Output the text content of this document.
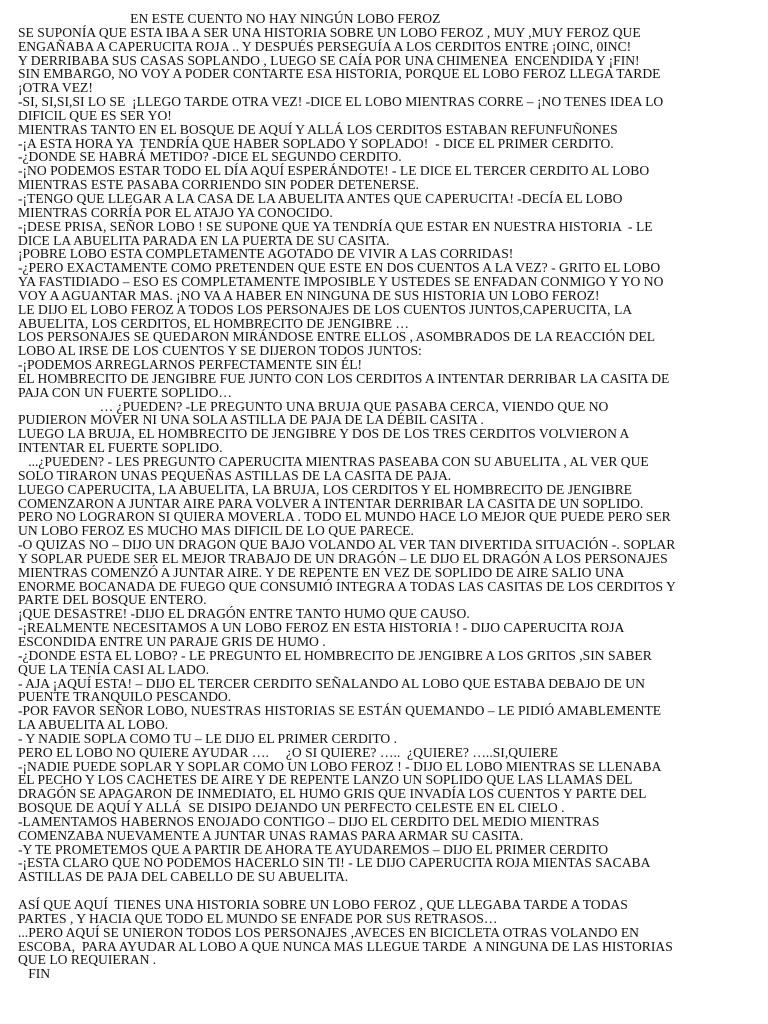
EN ESTE CUENTO NO HAY NINGÚN LOBO FEROZ
SE SUPONÍA QUE ESTA IBA A SER UNA HISTORIA SOBRE UN LOBO FEROZ , MUY ,MUY FEROZ QUE
ENGAÑABA A CAPERUCITA ROJA .. Y DESPUÉS PERSEGUÍA A LOS CERDITOS ENTRE ¡OINC, 0INC!
Y DERRIBABA SUS CASAS SOPLANDO , LUEGO SE CAÍA POR UNA CHIMENEA  ENCENDIDA Y ¡FIN!
SIN EMBARGO, NO VOY A PODER CONTARTE ESA HISTORIA, PORQUE EL LOBO FEROZ LLEGA TARDE
¡OTRA VEZ!
-SI, SI,SI,SI LO SE  ¡LLEGO TARDE OTRA VEZ! -DICE EL LOBO MIENTRAS CORRE – ¡NO TENES IDEA LO
DIFICIL QUE ES SER YO!
MIENTRAS TANTO EN EL BOSQUE DE AQUÍ Y ALLÁ LOS CERDITOS ESTABAN REFUNFUÑONES
-¡A ESTA HORA YA  TENDRÍA QUE HABER SOPLADO Y SOPLADO!  - DICE EL PRIMER CERDITO.
-¿DONDE SE HABRÁ METIDO? -DICE EL SEGUNDO CERDITO.
-¡NO PODEMOS ESTAR TODO EL DÍA AQUÍ ESPERÁNDOTE! - LE DICE EL TERCER CERDITO AL LOBO
MIENTRAS ESTE PASABA CORRIENDO SIN PODER DETENERSE.
-¡TENGO QUE LLEGAR A LA CASA DE LA ABUELITA ANTES QUE CAPERUCITA! -DECÍA EL LOBO
MIENTRAS CORRÍA POR EL ATAJO YA CONOCIDO.
-¡DESE PRISA, SEÑOR LOBO ! SE SUPONE QUE YA TENDRÍA QUE ESTAR EN NUESTRA HISTORIA  - LE
DICE LA ABUELITA PARADA EN LA PUERTA DE SU CASITA.
¡POBRE LOBO ESTA COMPLETAMENTE AGOTADO DE VIVIR A LAS CORRIDAS!
-¿PERO EXACTAMENTE COMO PRETENDEN QUE ESTE EN DOS CUENTOS A LA VEZ? - GRITO EL LOBO
YA FASTIDIADO – ESO ES COMPLETAMENTE IMPOSIBLE Y USTEDES SE ENFADAN CONMIGO Y YO NO
VOY A AGUANTAR MAS. ¡NO VA A HABER EN NINGUNA DE SUS HISTORIA UN LOBO FEROZ!
LE DIJO EL LOBO FEROZ A TODOS LOS PERSONAJES DE LOS CUENTOS JUNTOS,CAPERUCITA, LA
ABUELITA, LOS CERDITOS, EL HOMBRECITO DE JENGIBRE …
LOS PERSONAJES SE QUEDARON MIRÁNDOSE ENTRE ELLOS , ASOMBRADOS DE LA REACCIÓN DEL
LOBO AL IRSE DE LOS CUENTOS Y SE DIJERON TODOS JUNTOS:
-¡PODEMOS ARREGLARNOS PERFECTAMENTE SIN ÉL!
EL HOMBRECITO DE JENGIBRE FUE JUNTO CON LOS CERDITOS A INTENTAR DERRIBAR LA CASITA DE
PAJA CON UN FUERTE SOPLIDO…
… ¿PUEDEN? -LE PREGUNTO UNA BRUJA QUE PASABA CERCA, VIENDO QUE NO
PUDIERON MOVER NI UNA SOLA ASTILLA DE PAJA DE LA DÉBIL CASITA .
LUEGO LA BRUJA, EL HOMBRECITO DE JENGIBRE Y DOS DE LOS TRES CERDITOS VOLVIERON A
INTENTAR EL FUERTE SOPLIDO.
...¿PUEDEN? - LES PREGUNTO CAPERUCITA MIENTRAS PASEABA CON SU ABUELITA , AL VER QUE
SOLO TIRARON UNAS PEQUEÑAS ASTILLAS DE LA CASITA DE PAJA.
LUEGO CAPERUCITA, LA ABUELITA, LA BRUJA, LOS CERDITOS Y EL HOMBRECITO DE JENGIBRE
COMENZARON A JUNTAR AIRE PARA VOLVER A INTENTAR DERRIBAR LA CASITA DE UN SOPLIDO.
PERO NO LOGRARON SI QUIERA MOVERLA . TODO EL MUNDO HACE LO MEJOR QUE PUEDE PERO SER
UN LOBO FEROZ ES MUCHO MAS DIFICIL DE LO QUE PARECE.
-O QUIZAS NO – DIJO UN DRAGON QUE BAJO VOLANDO AL VER TAN DIVERTIDA SITUACIÓN -. SOPLAR
Y SOPLAR PUEDE SER EL MEJOR TRABAJO DE UN DRAGÓN – LE DIJO EL DRAGÓN A LOS PERSONAJES
MIENTRAS COMENZÓ A JUNTAR AIRE. Y DE REPENTE EN VEZ DE SOPLIDO DE AIRE SALIO UNA
ENORME BOCANADA DE FUEGO QUE CONSUMIÓ INTEGRA A TODAS LAS CASITAS DE LOS CERDITOS Y
PARTE DEL BOSQUE ENTERO.
¡QUE DESASTRE! -DIJO EL DRAGÓN ENTRE TANTO HUMO QUE CAUSO.
-¡REALMENTE NECESITAMOS A UN LOBO FEROZ EN ESTA HISTORIA ! - DIJO CAPERUCITA ROJA
ESCONDIDA ENTRE UN PARAJE GRIS DE HUMO .
-¿DONDE ESTA EL LOBO? - LE PREGUNTO EL HOMBRECITO DE JENGIBRE A LOS GRITOS ,SIN SABER
QUE LA TENÍA CASI AL LADO.
- AJA ¡AQUÍ ESTA! – DIJO EL TERCER CERDITO SEÑALANDO AL LOBO QUE ESTABA DEBAJO DE UN
PUENTE TRANQUILO PESCANDO.
-POR FAVOR SEÑOR LOBO, NUESTRAS HISTORIAS SE ESTÁN QUEMANDO – LE PIDIÓ AMABLEMENTE
LA ABUELITA AL LOBO.
- Y NADIE SOPLA COMO TU – LE DIJO EL PRIMER CERDITO .
PERO EL LOBO NO QUIERE AYUDAR ….     ¿O SI QUIERE? …..  ¿QUIERE? …..SI,QUIERE
-¡NADIE PUEDE SOPLAR Y SOPLAR COMO UN LOBO FEROZ ! - DIJO EL LOBO MIENTRAS SE LLENABA
EL PECHO Y LOS CACHETES DE AIRE Y DE REPENTE LANZO UN SOPLIDO QUE LAS LLAMAS DEL
DRAGÓN SE APAGARON DE INMEDIATO, EL HUMO GRIS QUE INVADÍA LOS CUENTOS Y PARTE DEL
BOSQUE DE AQUÍ Y ALLÁ  SE DISIPO DEJANDO UN PERFECTO CELESTE EN EL CIELO .
-LAMENTAMOS HABERNOS ENOJADO CONTIGO – DIJO EL CERDITO DEL MEDIO MIENTRAS
COMENZABA NUEVAMENTE A JUNTAR UNAS RAMAS PARA ARMAR SU CASITA.
-Y TE PROMETEMOS QUE A PARTIR DE AHORA TE AYUDAREMOS – DIJO EL PRIMER CERDITO
-¡ESTA CLARO QUE NO PODEMOS HACERLO SIN TI! - LE DIJO CAPERUCITA ROJA MIENTAS SACABA
ASTILLAS DE PAJA DEL CABELLO DE SU ABUELITA.
ASÍ QUE AQUÍ  TIENES UNA HISTORIA SOBRE UN LOBO FEROZ , QUE LLEGABA TARDE A TODAS
PARTES , Y HACIA QUE TODO EL MUNDO SE ENFADE POR SUS RETRASOS…
...PERO AQUÍ SE UNIERON TODOS LOS PERSONAJES ,AVECES EN BICICLETA OTRAS VOLANDO EN
ESCOBA,  PARA AYUDAR AL LOBO A QUE NUNCA MAS LLEGUE TARDE  A NINGUNA DE LAS HISTORIAS
QUE LO REQUIERAN .
FIN
